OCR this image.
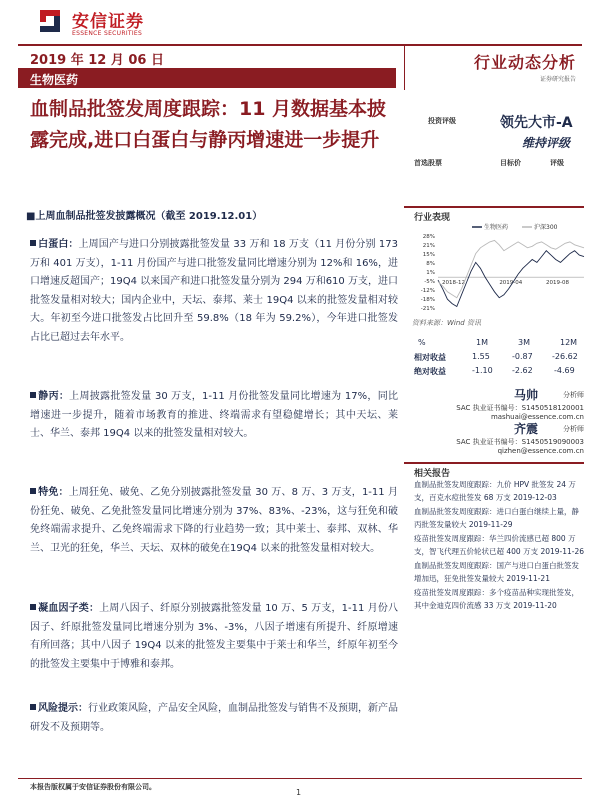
安信证券
ESSENCE SECURITIES
2019 年 12 月 06 日
生物医药
行业动态分析
证券研究报告
血制品批签发周度跟踪：11 月数据基本披露完成,进口白蛋白与静丙增速进一步提升
■上周血制品批签发披露概况（截至 2019.12.01）
白蛋白：上周国产与进口分别披露批签发量 33 万和 18 万支（11 月份分别 173 万和 401 万支），1-11 月份国产与进口批签发量同比增速分别为 12%和 16%，进口增速反超国产；19Q4 以来国产和进口批签发量分别为 294 万和610 万支，进口批签发量相对较大；国内企业中，天坛、泰邦、莱士 19Q4 以来的批签发量相对较大。年初至今进口批签发占比回升至 59.8%（18 年为 59.2%），今年进口批签发占比已超过去年水平。
静丙：上周披露批签发量 30 万支，1-11 月份批签发量同比增速为 17%，同比增速进一步提升，随着市场教育的推进、终端需求有望稳健增长；其中天坛、莱士、华兰、泰邦 19Q4 以来的批签发量相对较大。
特免：上周狂免、破免、乙免分别披露批签发量 30 万、8 万、3 万支，1-11 月份狂免、破免、乙免批签发量同比增速分别为 37%、83%、-23%，这与狂免和破免终端需求提升、乙免终端需求下降的行业趋势一致；其中莱士、泰邦、双林、华兰、卫光的狂免，华兰、天坛、双林的破免在19Q4 以来的批签发量相对较大。
凝血因子类：上周八因子、纤原分别披露批签发量 10 万、5 万支，1-11 月份八因子、纤原批签发量同比增速分别为 3%、-3%，八因子增速有所提升、纤原增速有所回落；其中八因子 19Q4 以来的批签发主要集中于莱士和华兰，纤原年初至今的批签发主要集中于博雅和泰邦。
风险提示：行业政策风险，产品安全风险，血制品批签发与销售不及预期，新产品研发不及预期等。
投资评级	领先大市-A
维持评级
首选股票	目标价	评级
行业表现
28%
21%
15%
8%
1%
-5%
-12%
-18%
-21%
2018-12	2019-04	2019-08
生物医药	沪深300
资料来源：Wind 资讯
%	1M	3M	12M
相对收益	1.55	-0.87 -26.62
绝对收益	-1.10 -2.62	-4.69
马帅	分析师
SAC 执业证书编号：S1450518120001
mashuai@essence.com.cn
齐震	分析师
SAC 执业证书编号：S1450519090003
qizhen@essence.com.cn
相关报告
血制品批签发周度跟踪：九价 HPV 批签发 24 万支，百克水痘批签发 68 万支 2019-12-03
血制品批签发周度跟踪：进口白蛋白继续上量，静丙批签发量较大 2019-11-29
疫苗批签发周度跟踪：华兰四价流感已超 800 万支，智飞代理五价轮状已超 400 万支 2019-11-26
血制品批签发周度跟踪：国产与进口白蛋白批签发增加迅，狂免批签发量较大 2019-11-21
疫苗批签发周度跟踪：多个疫苗品种实现批签发，其中金迪克四价流感 33 万支 2019-11-20
本报告版权属于安信证券股份有限公司。
1
